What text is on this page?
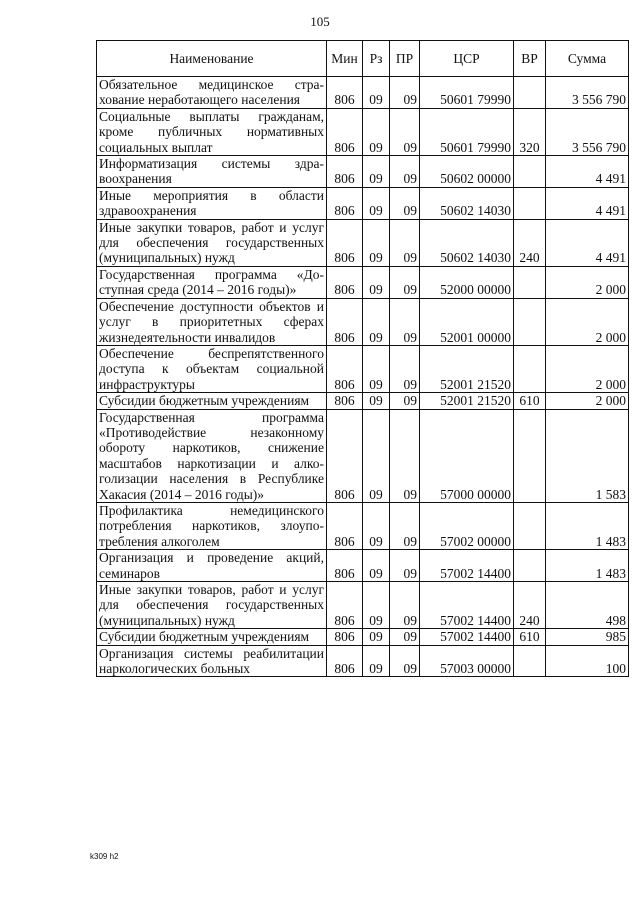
105
Наименование	Мин	Рз	ПР	ЦСР	ВР	Сумма
Обязательное медицинское страхование неработающего населения	806	09	09	50601 79990		3 556 790
Социальные выплаты гражданам, кроме публичных нормативных социальных выплат	806	09	09	50601 79990	320	3 556 790
Информатизация системы здравоохранения	806	09	09	50602 00000		4 491
Иные мероприятия в области здравоохранения	806	09	09	50602 14030		4 491
Иные закупки товаров, работ и услуг для обеспечения государственных (муниципальных) нужд	806	09	09	50602 14030	240	4 491
Государственная программа «Доступная среда (2014 – 2016 годы)»	806	09	09	52000 00000		2 000
Обеспечение доступности объектов и услуг в приоритетных сферах жизнедеятельности инвалидов	806	09	09	52001 00000		2 000
Обеспечение беспрепятственного доступа к объектам социальной инфраструктуры	806	09	09	52001 21520		2 000
Субсидии бюджетным учреждениям	806	09	09	52001 21520	610	2 000
Государственная программа «Противодействие незаконному обороту наркотиков, снижение масштабов наркотизации и алкоголизации населения в Республике Хакасия (2014 – 2016 годы)»	806	09	09	57000 00000		1 583
Профилактика немедицинского потребления наркотиков, злоупотребления алкоголем	806	09	09	57002 00000		1 483
Организация и проведение акций, семинаров	806	09	09	57002 14400		1 483
Иные закупки товаров, работ и услуг для обеспечения государственных (муниципальных) нужд	806	09	09	57002 14400	240	498
Субсидии бюджетным учреждениям	806	09	09	57002 14400	610	985
Организация системы реабилитации наркологических больных	806	09	09	57003 00000		100
k309 h2
